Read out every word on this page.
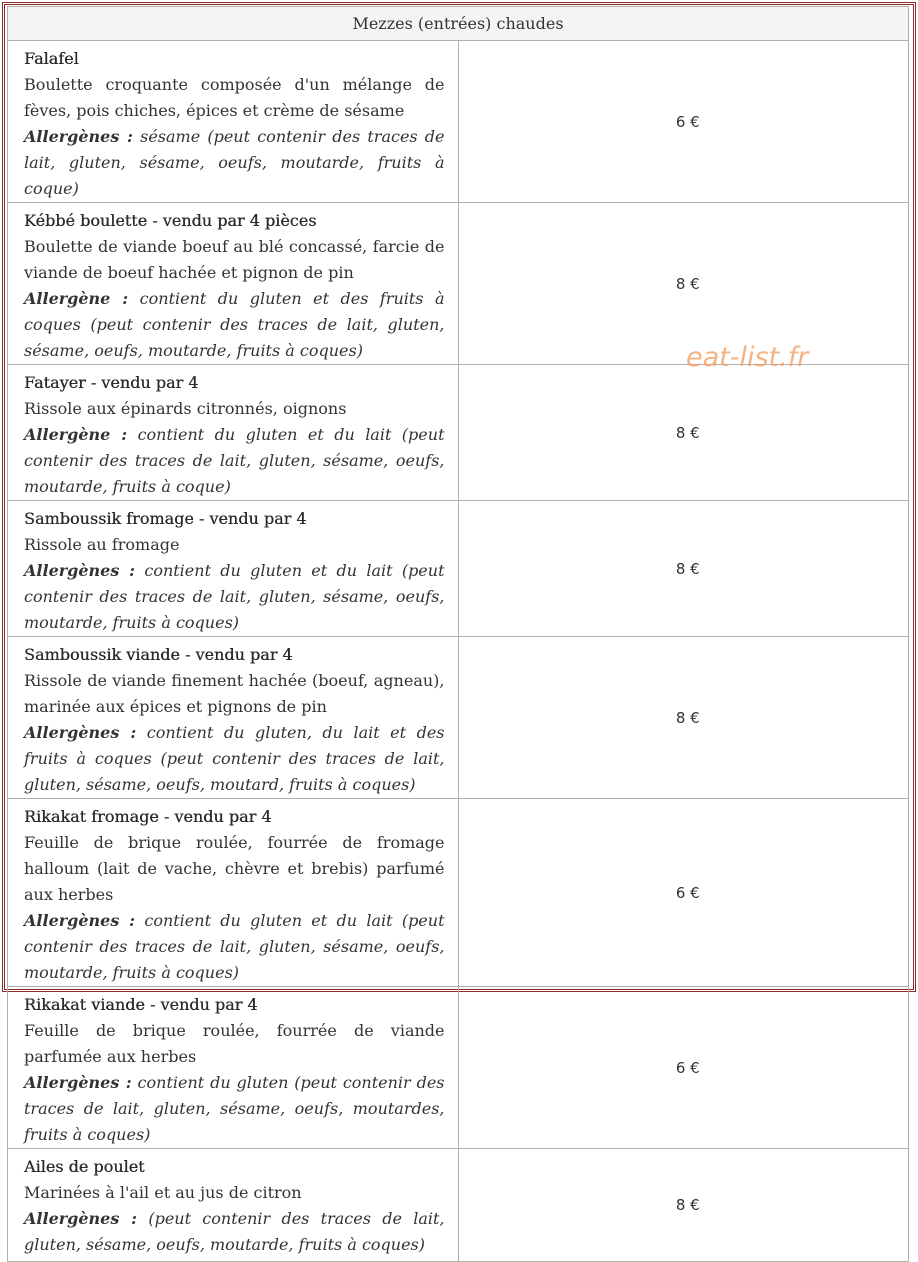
Mezzes (entrées) chaudes	

Falafel
Boulette croquante composée d'un mélange de fèves, pois chiches, épices et crème de sésame
Allergènes : sésame (peut contenir des traces de lait, gluten, sésame, oeufs, moutarde, fruits à coque)	6 €

Kébbé boulette - vendu par 4 pièces
Boulette de viande boeuf au blé concassé, farcie de viande de boeuf hachée et pignon de pin
Allergène : contient du gluten et des fruits à coques (peut contenir des traces de lait, gluten, sésame, oeufs, moutarde, fruits à coques)	8 €

Fatayer - vendu par 4
Rissole aux épinards citronnés, oignons
Allergène : contient du gluten et du lait (peut contenir des traces de lait, gluten, sésame, oeufs, moutarde, fruits à coque)	8 €

Samboussik fromage - vendu par 4
Rissole au fromage
Allergènes : contient du gluten et du lait (peut contenir des traces de lait, gluten, sésame, oeufs, moutarde, fruits à coques)	8 €

Samboussik viande - vendu par 4
Rissole de viande finement hachée (boeuf, agneau), marinée aux épices et pignons de pin
Allergènes : contient du gluten, du lait et des fruits à coques (peut contenir des traces de lait, gluten, sésame, oeufs, moutard, fruits à coques)	8 €

Rikakat fromage - vendu par 4
Feuille de brique roulée, fourrée de fromage halloum (lait de vache, chèvre et brebis) parfumé aux herbes
Allergènes : contient du gluten et du lait (peut contenir des traces de lait, gluten, sésame, oeufs, moutarde, fruits à coques)	6 €

Rikakat viande - vendu par 4
Feuille de brique roulée, fourrée de viande parfumée aux herbes
Allergènes : contient du gluten (peut contenir des traces de lait, gluten, sésame, oeufs, moutardes, fruits à coques)	6 €

Ailes de poulet
Marinées à l'ail et au jus de citron
Allergènes : (peut contenir des traces de lait, gluten, sésame, oeufs, moutarde, fruits à coques)	8 €
eat-list.fr
